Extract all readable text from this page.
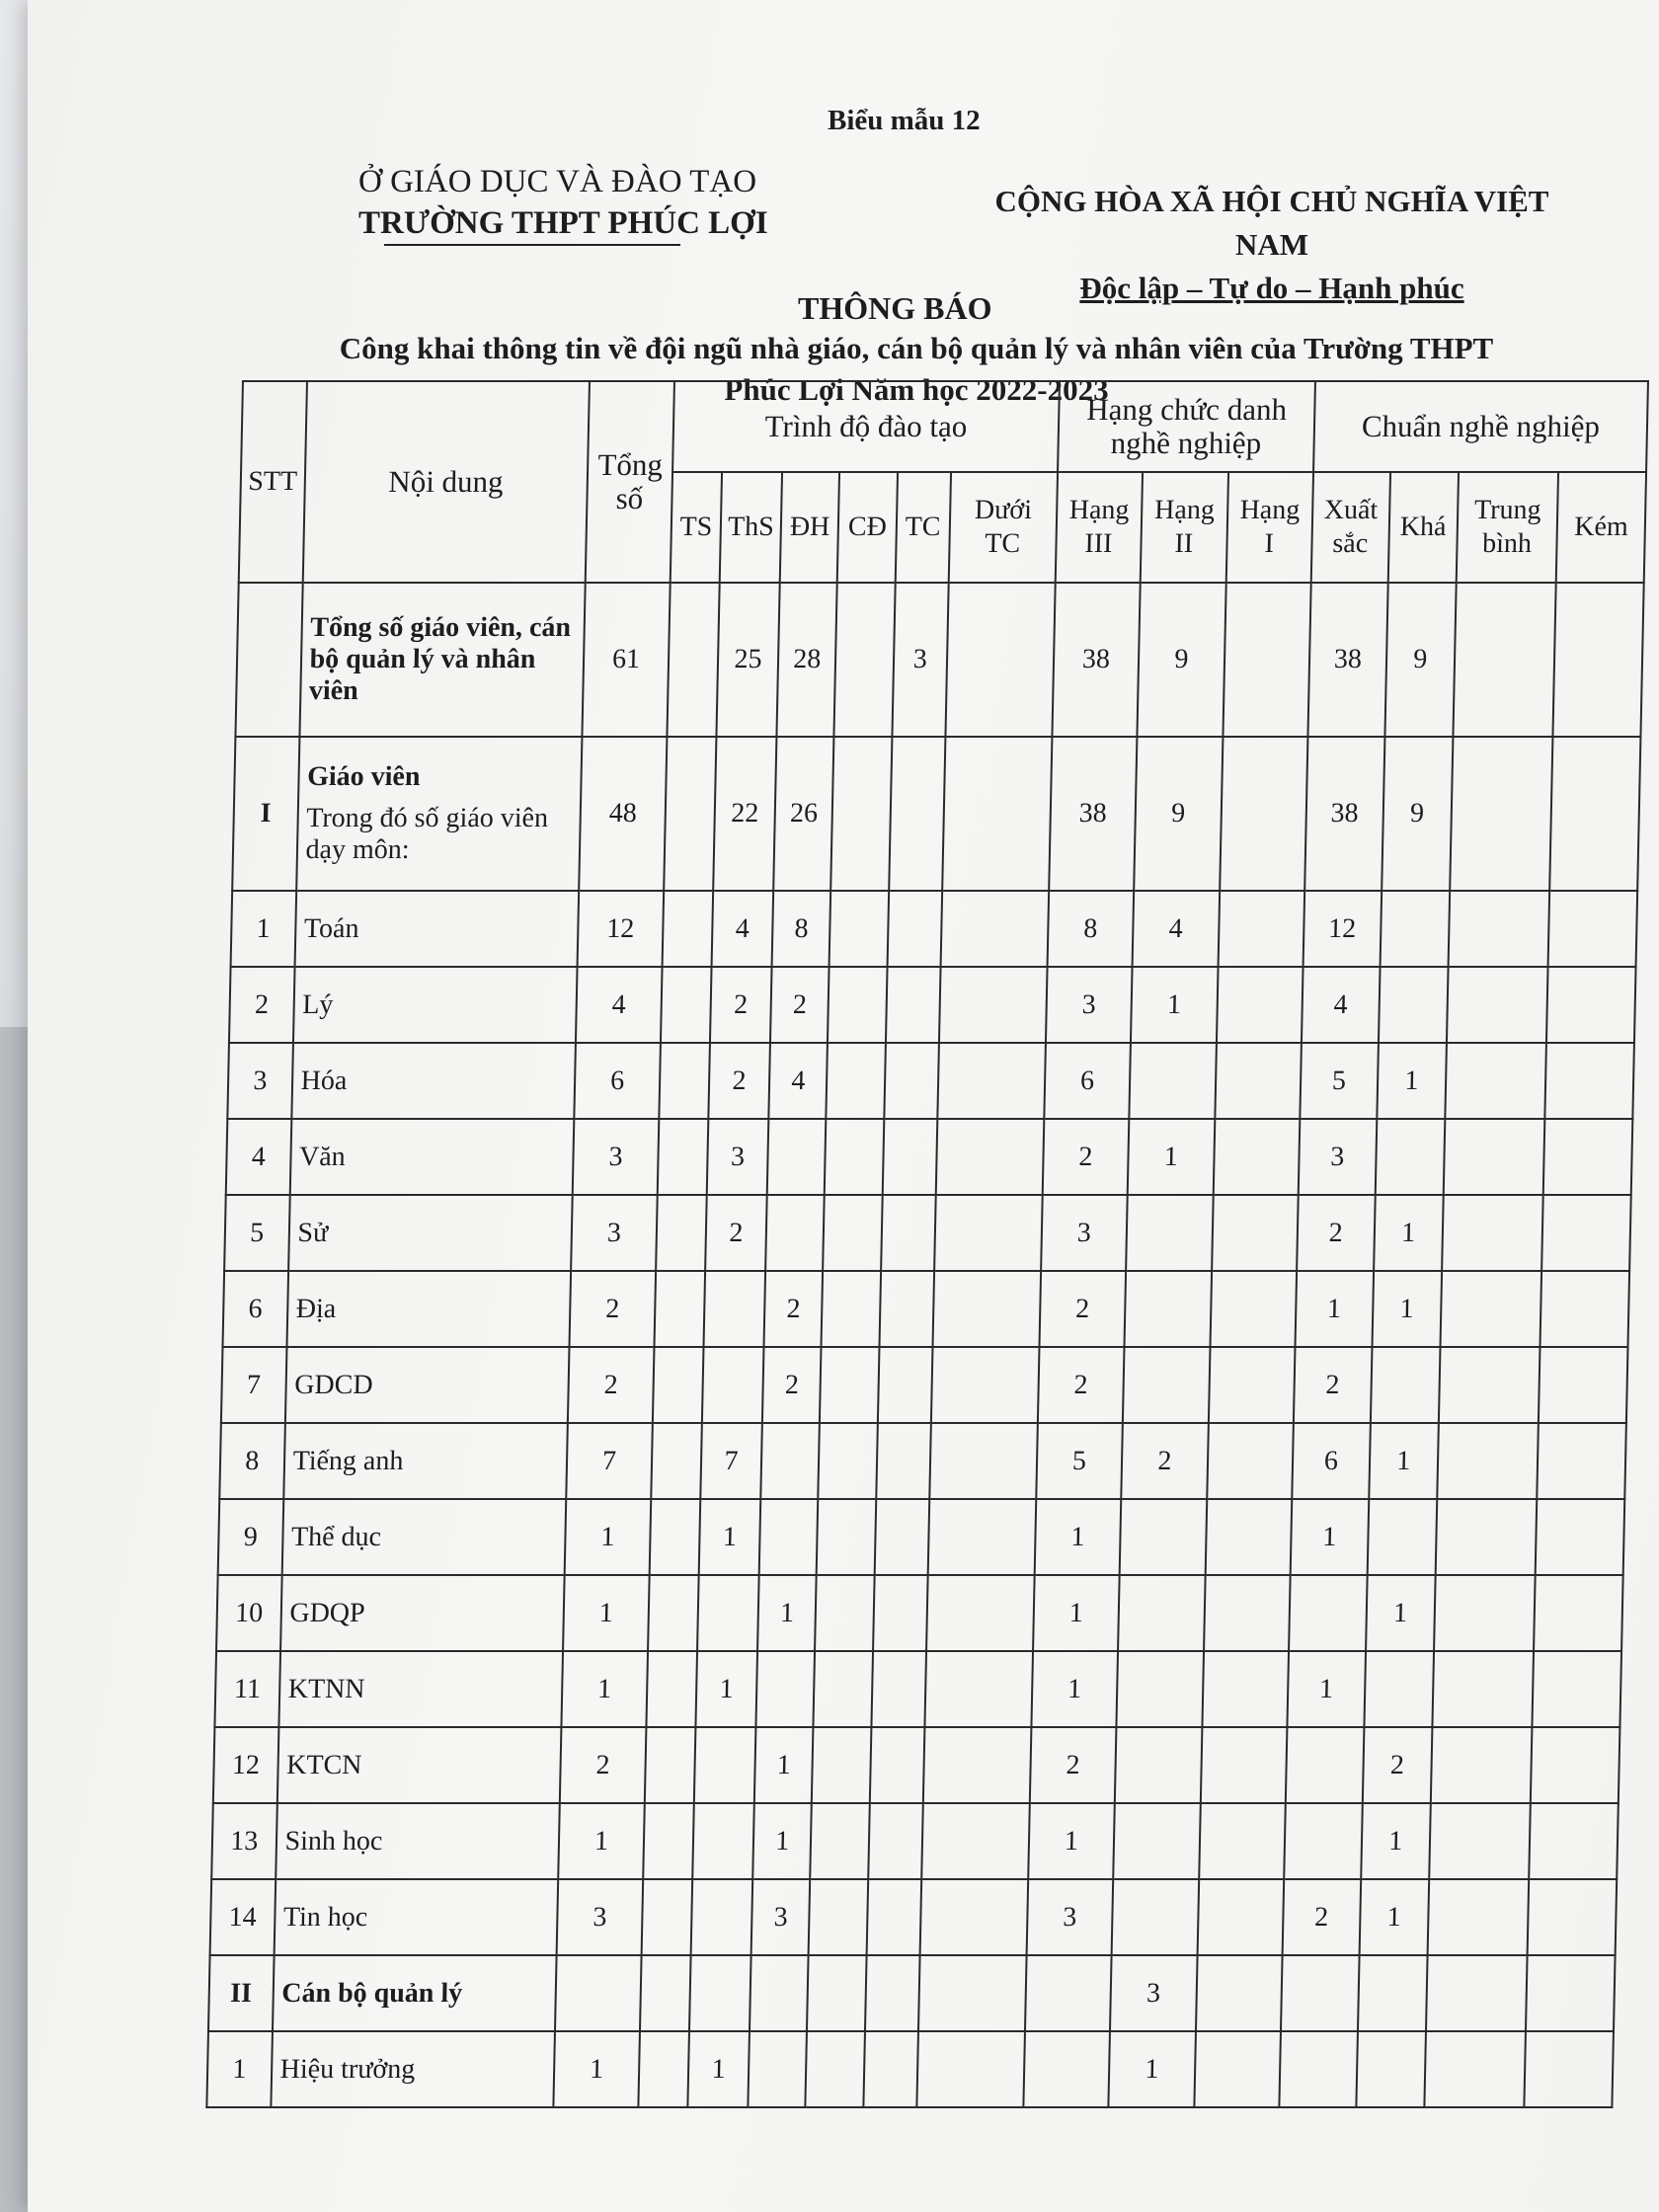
Biểu mẫu 12
Ở GIÁO DỤC VÀ ĐÀO TẠO
TRƯỜNG THPT PHÚC LỢI
CỘNG HÒA XÃ HỘI CHỦ NGHĨA VIỆT NAM
Độc lập – Tự do – Hạnh phúc
THÔNG BÁO
Công khai thông tin về đội ngũ nhà giáo, cán bộ quản lý và nhân viên của Trường THPT Phúc Lợi Năm học 2022-2023
STT	Nội dung	Tổng số	Trình độ đào tạo						Hạng chức danh nghề nghiệp			Chuẩn nghề nghiệp			
			TS	ThS	ĐH	CĐ	TC	Dưới TC	Hạng III	Hạng II	Hạng I	Xuất sắc	Khá	Trung bình	Kém

	Tổng số giáo viên, cán bộ quản lý và nhân viên	61		25	28		3		38	9		38	9		
I	Giáo viên
Trong đó số giáo viên dạy môn:	48		22	26				38	9		38	9		
1	Toán	12		4	8				8	4		12			
2	Lý	4		2	2				3	1		4			
3	Hóa	6		2	4				6			5	1		
4	Văn	3		3					2	1		3			
5	Sử	3		2					3			2	1		
6	Địa	2			2				2			1	1		
7	GDCD	2			2				2			2			
8	Tiếng anh	7		7					5	2		6	1		
9	Thể dục	1		1					1			1			
10	GDQP	1			1				1				1		
11	KTNN	1		1					1			1			
12	KTCN	2			1				2				2		
13	Sinh học	1			1				1				1		
14	Tin học	3			3				3			2	1		
II	Cán bộ quản lý									3					
1	Hiệu trưởng	1		1						1					
